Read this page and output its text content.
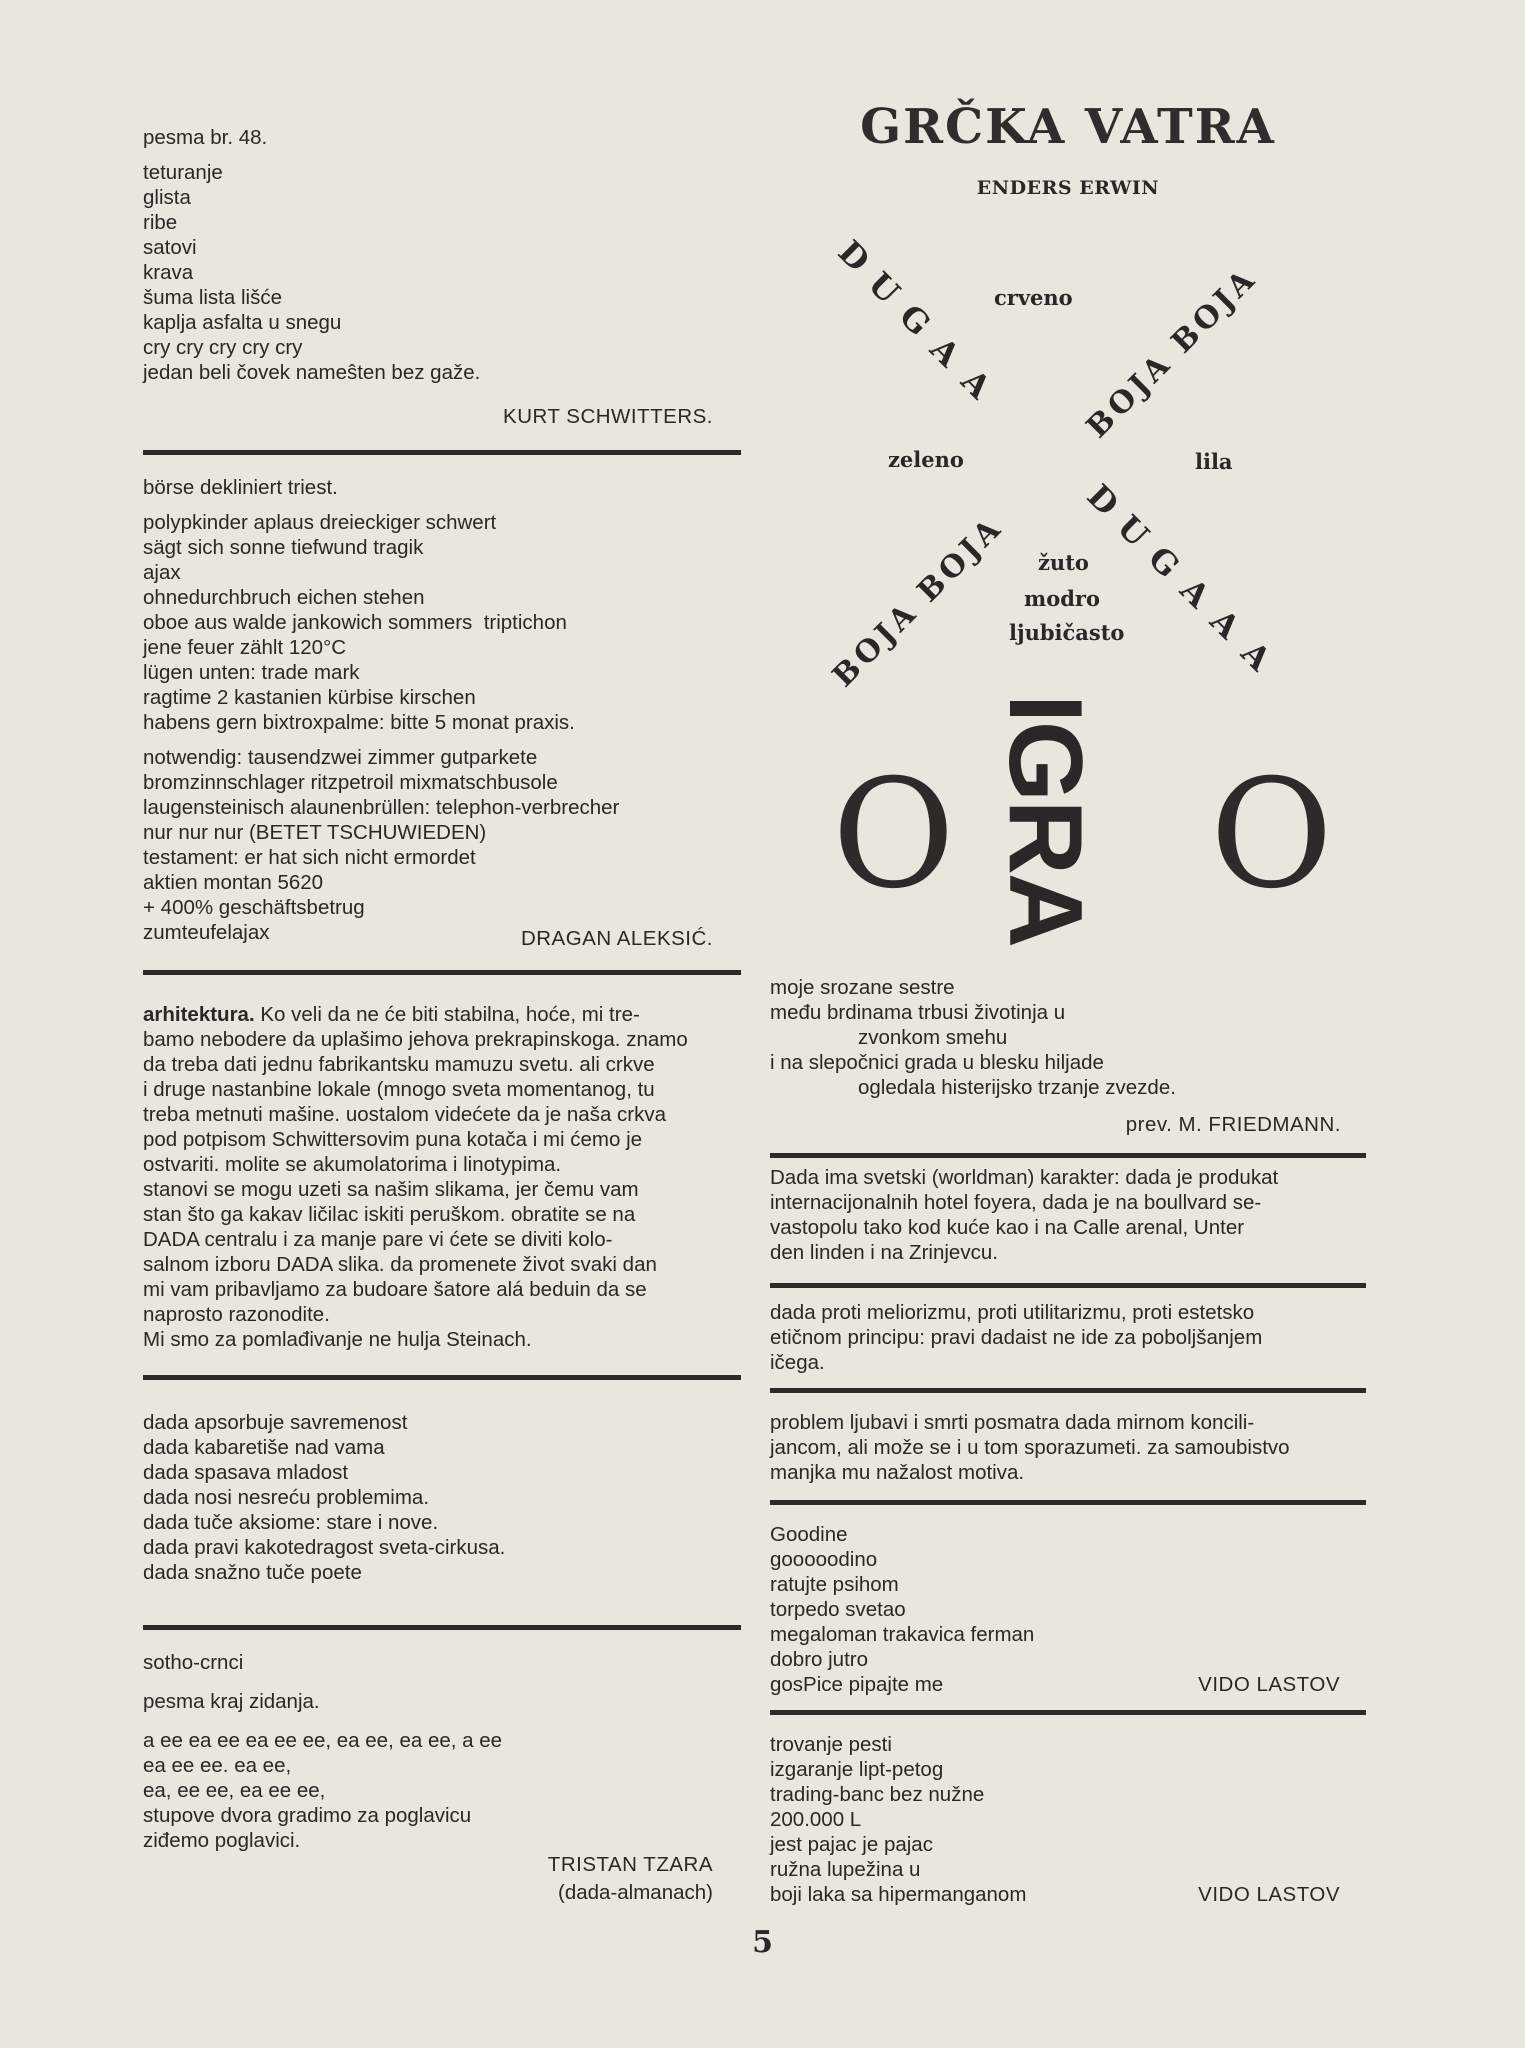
pesma br. 48.
teturanje
glista
ribe
satovi
krava
šuma lista lišće
kaplja asfalta u snegu
cry cry cry cry cry
jedan beli čovek nameŝten bez gaže.
KURT SCHWITTERS.
börse dekliniert triest.
polypkinder aplaus dreieckiger schwert
sägt sich sonne tiefwund tragik
ajax
ohnedurchbruch eichen stehen
oboe aus walde jankowich sommers  triptichon
jene feuer zählt 120°C
lügen unten: trade mark
ragtime 2 kastanien kürbise kirschen
habens gern bixtroxpalme: bitte 5 monat praxis.
notwendig: tausendzwei zimmer gutparkete
bromzinnschlager ritzpetroil mixmatschbusole
laugensteinisch alaunenbrüllen: telephon-verbrecher
nur nur nur (BETET TSCHUWIEDEN)
testament: er hat sich nicht ermordet
aktien montan 5620
+ 400% geschäftsbetrug
zumteufelajax	DRAGAN ALEKSIĆ.
arhitektura. Ko veli da ne će biti stabilna, hoće, mi tre-
bamo nebodere da uplašimo jehova prekrapinskoga. znamo
da treba dati jednu fabrikantsku mamuzu svetu. ali crkve
i druge nastanbine lokale (mnogo sveta momentanog, tu
treba metnuti mašine. uostalom videćete da je naša crkva
pod potpisom Schwittersovim puna kotača i mi ćemo je
ostvariti. molite se akumolatorima i linotypima.
stanovi se mogu uzeti sa našim slikama, jer čemu vam
stan što ga kakav ličilac iskiti peruškom. obratite se na
DADA centralu i za manje pare vi ćete se diviti kolo-
salnom izboru DADA slika. da promenete život svaki dan
mi vam pribavljamo za budoare šatore alá beduin da se
naprosto razonodite.
Mi smo za pomlađivanje ne hulja Steinach.
dada apsorbuje savremenost
dada kabaretiše nad vama
dada spasava mladost
dada nosi nesreću problemima.
dada tuče aksiome: stare i nove.
dada pravi kakotedragost sveta-cirkusa.
dada snažno tuče poete
sotho-crnci
pesma kraj zidanja.
a ee ea ee ea ee ee, ea ee, ea ee, a ee
ea ee ee. ea ee,
ea, ee ee, ea ee ee,
stupove dvora gradimo za poglavicu
ziđemo poglavici.
TRISTAN TZARA
(dada-almanach)
GRČKA VATRA
ENDERS ERWIN
D
U
G
A
A
D
U
G
A
A
A
BOJA BOJA
BOJA BOJA
crveno
zeleno	lila
žuto
modro
ljubičasto
O IGRA O
moje srozane sestre
među brdinama trbusi životinja u
zvonkom smehu
i na slepočnici grada u blesku hiljade
ogledala histerijsko trzanje zvezde.
prev. M. FRIEDMANN.
Dada ima svetski (worldman) karakter: dada je produkat
internacijonalnih hotel foyera, dada je na boullvard se-
vastopolu tako kod kuće kao i na Calle arenal, Unter
den linden i na Zrinjevcu.
dada proti meliorizmu, proti utilitarizmu, proti estetsko
etičnom principu: pravi dadaist ne ide za poboljšanjem
ičega.
problem ljubavi i smrti posmatra dada mirnom koncili-
jancom, ali može se i u tom sporazumeti. za samoubistvo
manjka mu nažalost motiva.
Goodine
gooooodino
ratujte psihom
torpedo svetao
megaloman trakavica ferman
dobro jutro
gosPice pipajte me	VIDO LASTOV
trovanje pesti
izgaranje lipt-petog
trading-banc bez nužne
200.000 L
jest pajac je pajac
ružna lupežina u
boji laka sa hipermanganom	VIDO LASTOV
5
